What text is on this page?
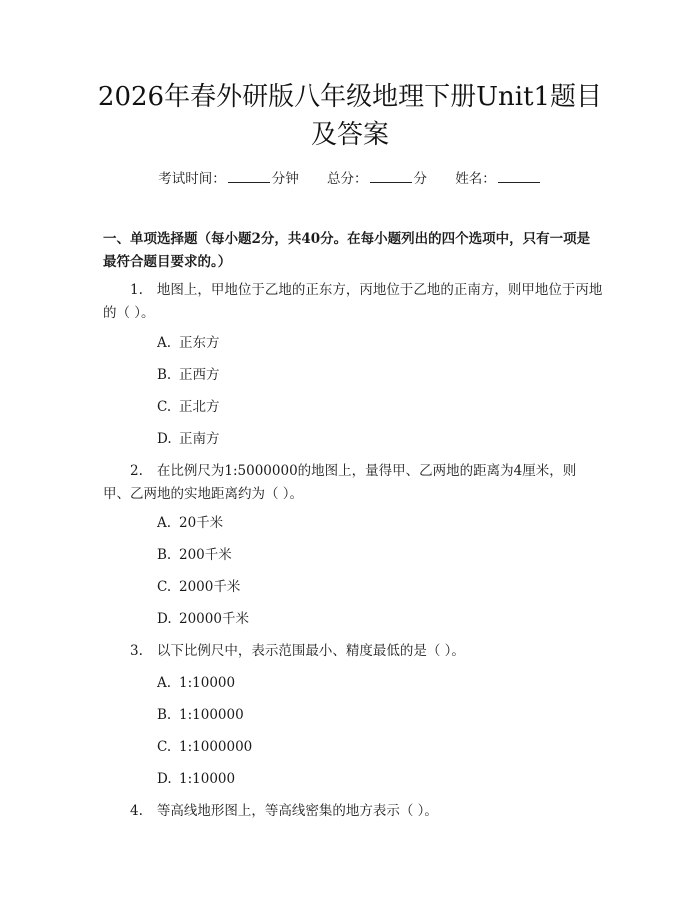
2026年春外研版八年级地理下册Unit1题目
及答案
考试时间：	分钟 总分：	分 姓名：
一、单项选择题（每小题2分，共40分。在每小题列出的四个选项中，只有一项是最符合题目要求的。）
1. 地图上，甲地位于乙地的正东方，丙地位于乙地的正南方，则甲地位于丙地的（ ）。
A. 正东方
B. 正西方
C. 正北方
D. 正南方
2. 在比例尺为1:5000000的地图上，量得甲、乙两地的距离为4厘米，则甲、乙两地的实地距离约为（ ）。
A. 20千米
B. 200千米
C. 2000千米
D. 20000千米
3. 以下比例尺中，表示范围最小、精度最低的是（ ）。
A. 1:10000
B. 1:100000
C. 1:1000000
D. 1:10000
4. 等高线地形图上，等高线密集的地方表示（ ）。
